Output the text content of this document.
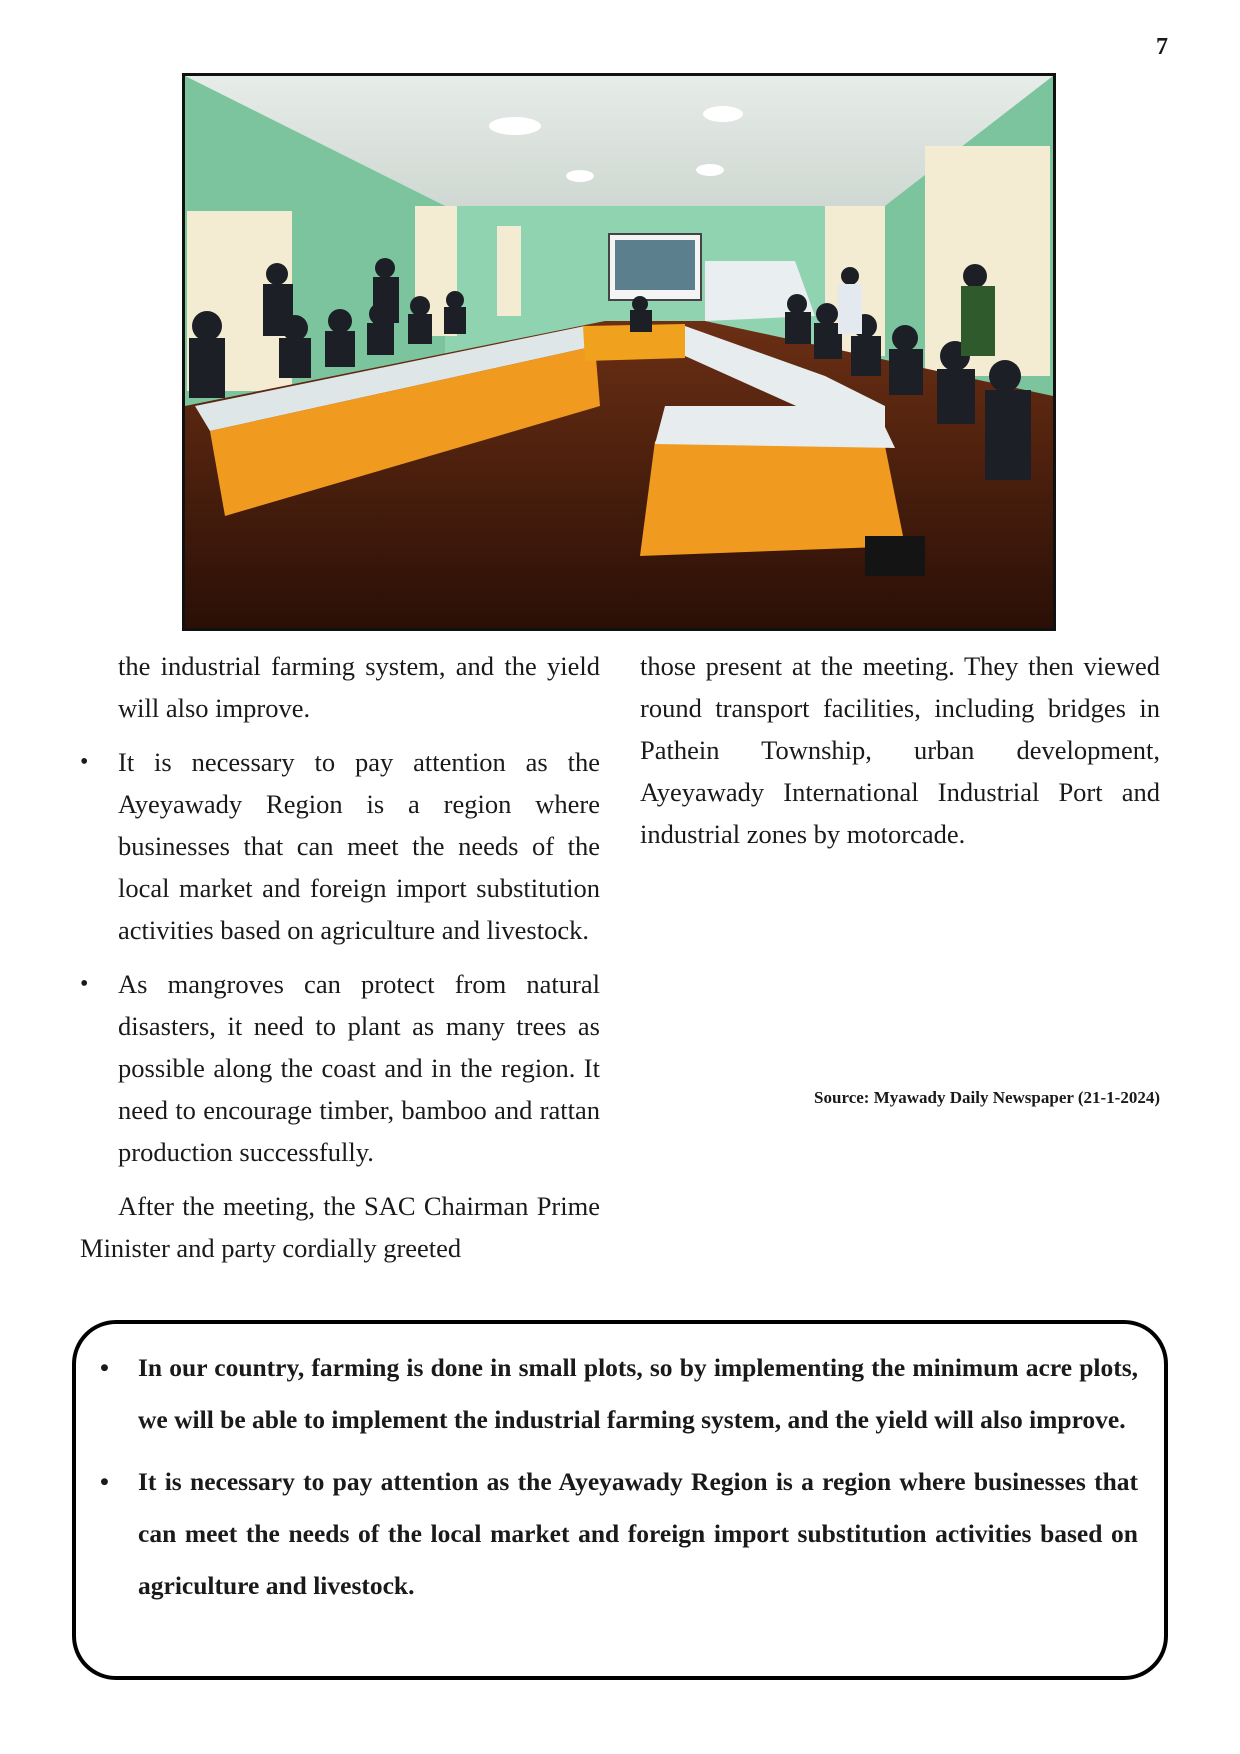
7

the industrial farming system, and the yield will also improve.

• It is necessary to pay attention as the Ayeyawady Region is a region where businesses that can meet the needs of the local market and foreign import substitution activities based on agriculture and livestock.

• As mangroves can protect from natural disasters, it need to plant as many trees as possible along the coast and in the region. It need to encourage timber, bamboo and rattan production successfully.

After the meeting, the SAC Chairman Prime Minister and party cordially greeted

those present at the meeting. They then viewed round transport facilities, including bridges in Pathein Township, urban development, Ayeyawady International Industrial Port and industrial zones by motorcade.

Source: Myawady Daily Newspaper (21-1-2024)

• In our country, farming is done in small plots, so by implementing the minimum acre plots, we will be able to implement the industrial farming system, and the yield will also improve.

• It is necessary to pay attention as the Ayeyawady Region is a region where businesses that can meet the needs of the local market and foreign import substitution activities based on agriculture and livestock.
